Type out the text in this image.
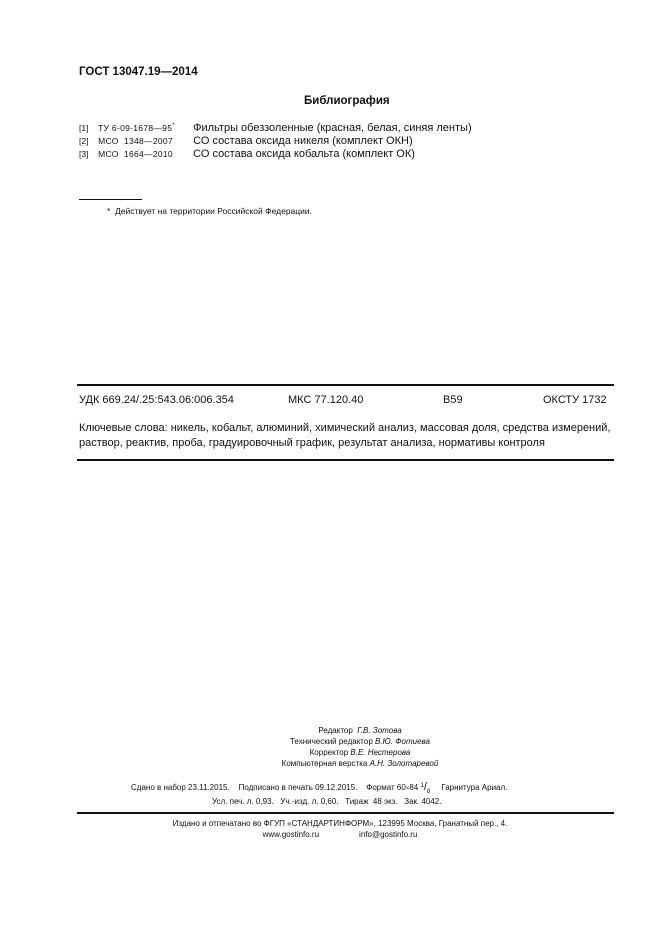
ГОСТ 13047.19—2014
Библиография
[1] ТУ 6-09-1678—95* Фильтры обеззоленные (красная, белая, синяя ленты)
[2] МСО  1348—2007 СО состава оксида никеля (комплект ОКН)
[3] МСО  1664—2010 СО состава оксида кобальта (комплект ОК)
*  Действует на территории Российской Федерации.
УДК 669.24/.25:543.06:006.354	МКС 77.120.40	В59	ОКСТУ 1732
Ключевые слова: никель, кобальт, алюминий, химический анализ, массовая доля, средства измерений, раствор, реактив, проба, градуировочный график, результат анализа, нормативы контроля
Редактор Г.В. Зотова
Технический редактор В.Ю. Фотиева
Корректор В.Е. Нестерова
Компьютерная верстка А.Н. Золотаревой
Сдано в набор 23.11.2015. Подписано в печать 09.12.2015. Формат 60×84 $^1/_8$ Гарнитура Ариал.
Усл. печ. л. 0,93. Уч.-изд. л. 0,60. Тираж  48 экз. Зак. 4042.
Издано и отпечатано во ФГУП «СТАНДАРТИНФОРМ», 123995 Москва, Гранатный пер., 4.
www.gostinfo.ru	info@gostinfo.ru
